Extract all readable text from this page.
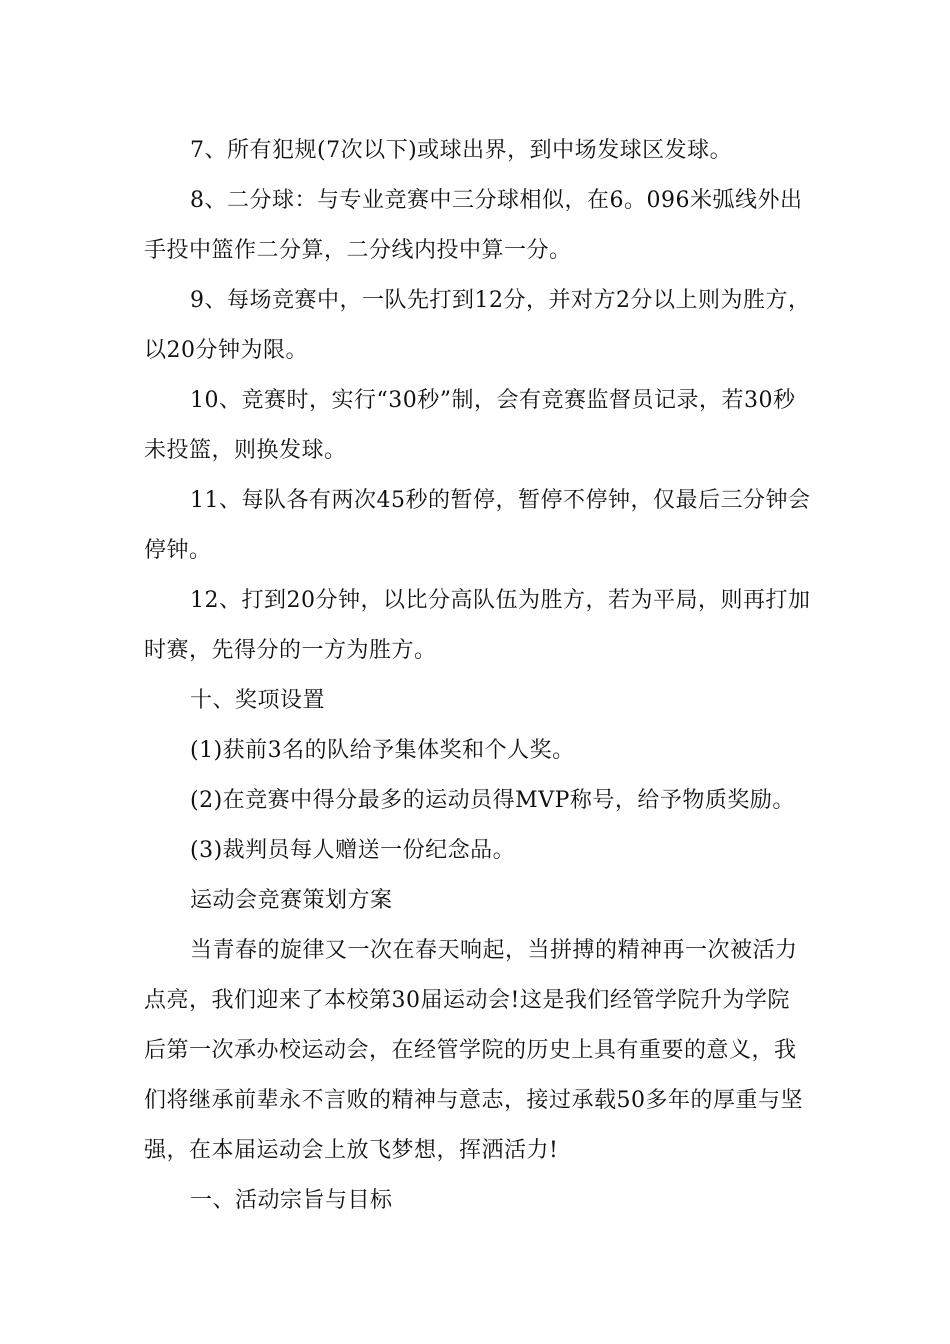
7、所有犯规(7次以下)或球出界，到中场发球区发球。
8、二分球：与专业竞赛中三分球相似，在6。096米弧线外出
手投中篮作二分算，二分线内投中算一分。
9、每场竞赛中，一队先打到12分，并对方2分以上则为胜方，
以20分钟为限。
10、竞赛时，实行“30秒”制，会有竞赛监督员记录，若30秒
未投篮，则换发球。
11、每队各有两次45秒的暂停，暂停不停钟，仅最后三分钟会
停钟。
12、打到20分钟，以比分高队伍为胜方，若为平局，则再打加
时赛，先得分的一方为胜方。
十、奖项设置
(1)获前3名的队给予集体奖和个人奖。
(2)在竞赛中得分最多的运动员得MVP称号，给予物质奖励。
(3)裁判员每人赠送一份纪念品。
运动会竞赛策划方案
当青春的旋律又一次在春天响起，当拼搏的精神再一次被活力
点亮，我们迎来了本校第30届运动会!这是我们经管学院升为学院
后第一次承办校运动会，在经管学院的历史上具有重要的意义，我
们将继承前辈永不言败的精神与意志，接过承载50多年的厚重与坚
强，在本届运动会上放飞梦想，挥洒活力!
一、活动宗旨与目标
